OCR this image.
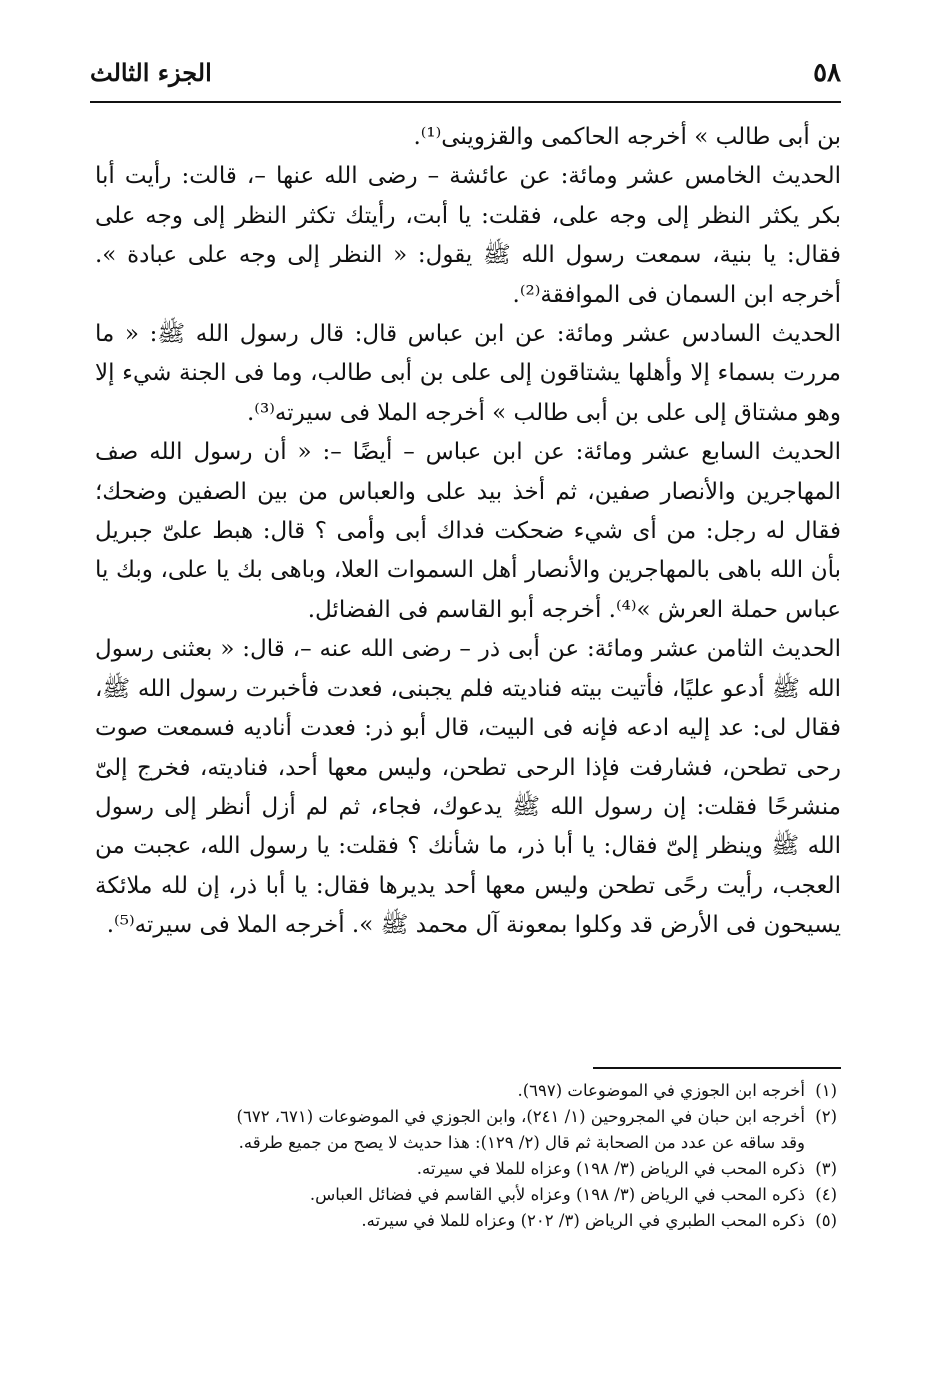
٥٨
الجزء الثالث

بن أبى طالب » أخرجه الحاكمى والقزوينى⁽¹⁾.

الحديث الخامس عشر ومائة: عن عائشة – رضى الله عنها –، قالت: رأيت أبا بكر يكثر النظر إلى وجه على، فقلت: يا أبت، رأيتك تكثر النظر إلى وجه على فقال: يا بنية، سمعت رسول الله ﷺ يقول: « النظر إلى وجه على عبادة ». أخرجه ابن السمان فى الموافقة⁽²⁾.

الحديث السادس عشر ومائة: عن ابن عباس قال: قال رسول الله ﷺ: « ما مررت بسماء إلا وأهلها يشتاقون إلى على بن أبى طالب، وما فى الجنة شيء إلا وهو مشتاق إلى على بن أبى طالب » أخرجه الملا فى سيرته⁽³⁾.

الحديث السابع عشر ومائة: عن ابن عباس – أيضًا –: « أن رسول الله صف المهاجرين والأنصار صفين، ثم أخذ بيد على والعباس من بين الصفين وضحك؛ فقال له رجل: من أى شيء ضحكت فداك أبى وأمى ؟ قال: هبط علىّ جبريل بأن الله باهى بالمهاجرين والأنصار أهل السموات العلا، وباهى بك يا على، وبك يا عباس حملة العرش »⁽⁴⁾. أخرجه أبو القاسم فى الفضائل.

الحديث الثامن عشر ومائة: عن أبى ذر – رضى الله عنه –، قال: « بعثنى رسول الله ﷺ أدعو عليًا، فأتيت بيته فناديته فلم يجبنى، فعدت فأخبرت رسول الله ﷺ، فقال لى: عد إليه ادعه فإنه فى البيت، قال أبو ذر: فعدت أناديه فسمعت صوت رحى تطحن، فشارفت فإذا الرحى تطحن، وليس معها أحد، فناديته، فخرج إلىّ منشرحًا فقلت: إن رسول الله ﷺ يدعوك، فجاء، ثم لم أزل أنظر إلى رسول الله ﷺ وينظر إلىّ فقال: يا أبا ذر، ما شأنك ؟ فقلت: يا رسول الله، عجبت من العجب، رأيت رحًى تطحن وليس معها أحد يديرها فقال: يا أبا ذر، إن لله ملائكة يسيحون فى الأرض قد وكلوا بمعونة آل محمد ﷺ ». أخرجه الملا فى سيرته⁽⁵⁾.

(١)
أخرجه ابن الجوزي في الموضوعات (٦٩٧).
(٢)
أخرجه ابن حبان في المجروحين (١/ ٢٤١)، وابن الجوزي في الموضوعات (٦٧١، ٦٧٢)
وقد ساقه عن عدد من الصحابة ثم قال (٢/ ١٢٩): هذا حديث لا يصح من جميع طرقه.
(٣)
ذكره المحب في الرياض (٣/ ١٩٨) وعزاه للملا في سيرته.
(٤)
ذكره المحب في الرياض (٣/ ١٩٨) وعزاه لأبي القاسم في فضائل العباس.
(٥)
ذكره المحب الطبري في الرياض (٣/ ٢٠٢) وعزاه للملا في سيرته.
